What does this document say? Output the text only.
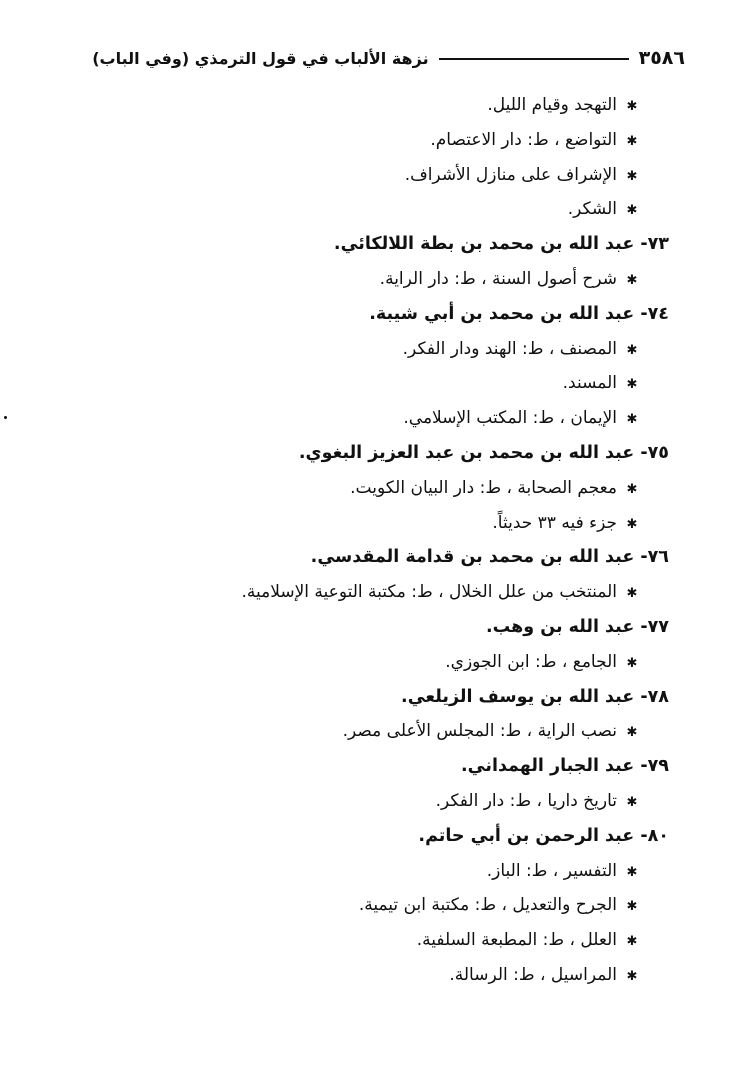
٣٥٨٦
نزهة الألباب في قول الترمذي (وفي الباب)
✱التهجد وقيام الليل.
✱التواضع ، ط: دار الاعتصام.
✱الإشراف على منازل الأشراف.
✱الشكر.
٧٣- عبد الله بن محمد بن بطة اللالكائي.
✱شرح أصول السنة ، ط: دار الراية.
٧٤- عبد الله بن محمد بن أبي شيبة.
✱المصنف ، ط: الهند ودار الفكر.
✱المسند.
✱الإيمان ، ط: المكتب الإسلامي.
٧٥- عبد الله بن محمد بن عبد العزيز البغوي.
✱معجم الصحابة ، ط: دار البيان الكويت.
✱جزء فيه ٣٣ حديثاً.
٧٦- عبد الله بن محمد بن قدامة المقدسي.
✱المنتخب من علل الخلال ، ط: مكتبة التوعية الإسلامية.
٧٧- عبد الله بن وهب.
✱الجامع ، ط: ابن الجوزي.
٧٨- عبد الله بن يوسف الزيلعي.
✱نصب الراية ، ط: المجلس الأعلى مصر.
٧٩- عبد الجبار الهمداني.
✱تاريخ داريا ، ط: دار الفكر.
٨٠- عبد الرحمن بن أبي حاتم.
✱التفسير ، ط: الباز.
✱الجرح والتعديل ، ط: مكتبة ابن تيمية.
✱العلل ، ط: المطبعة السلفية.
✱المراسيل ، ط: الرسالة.
